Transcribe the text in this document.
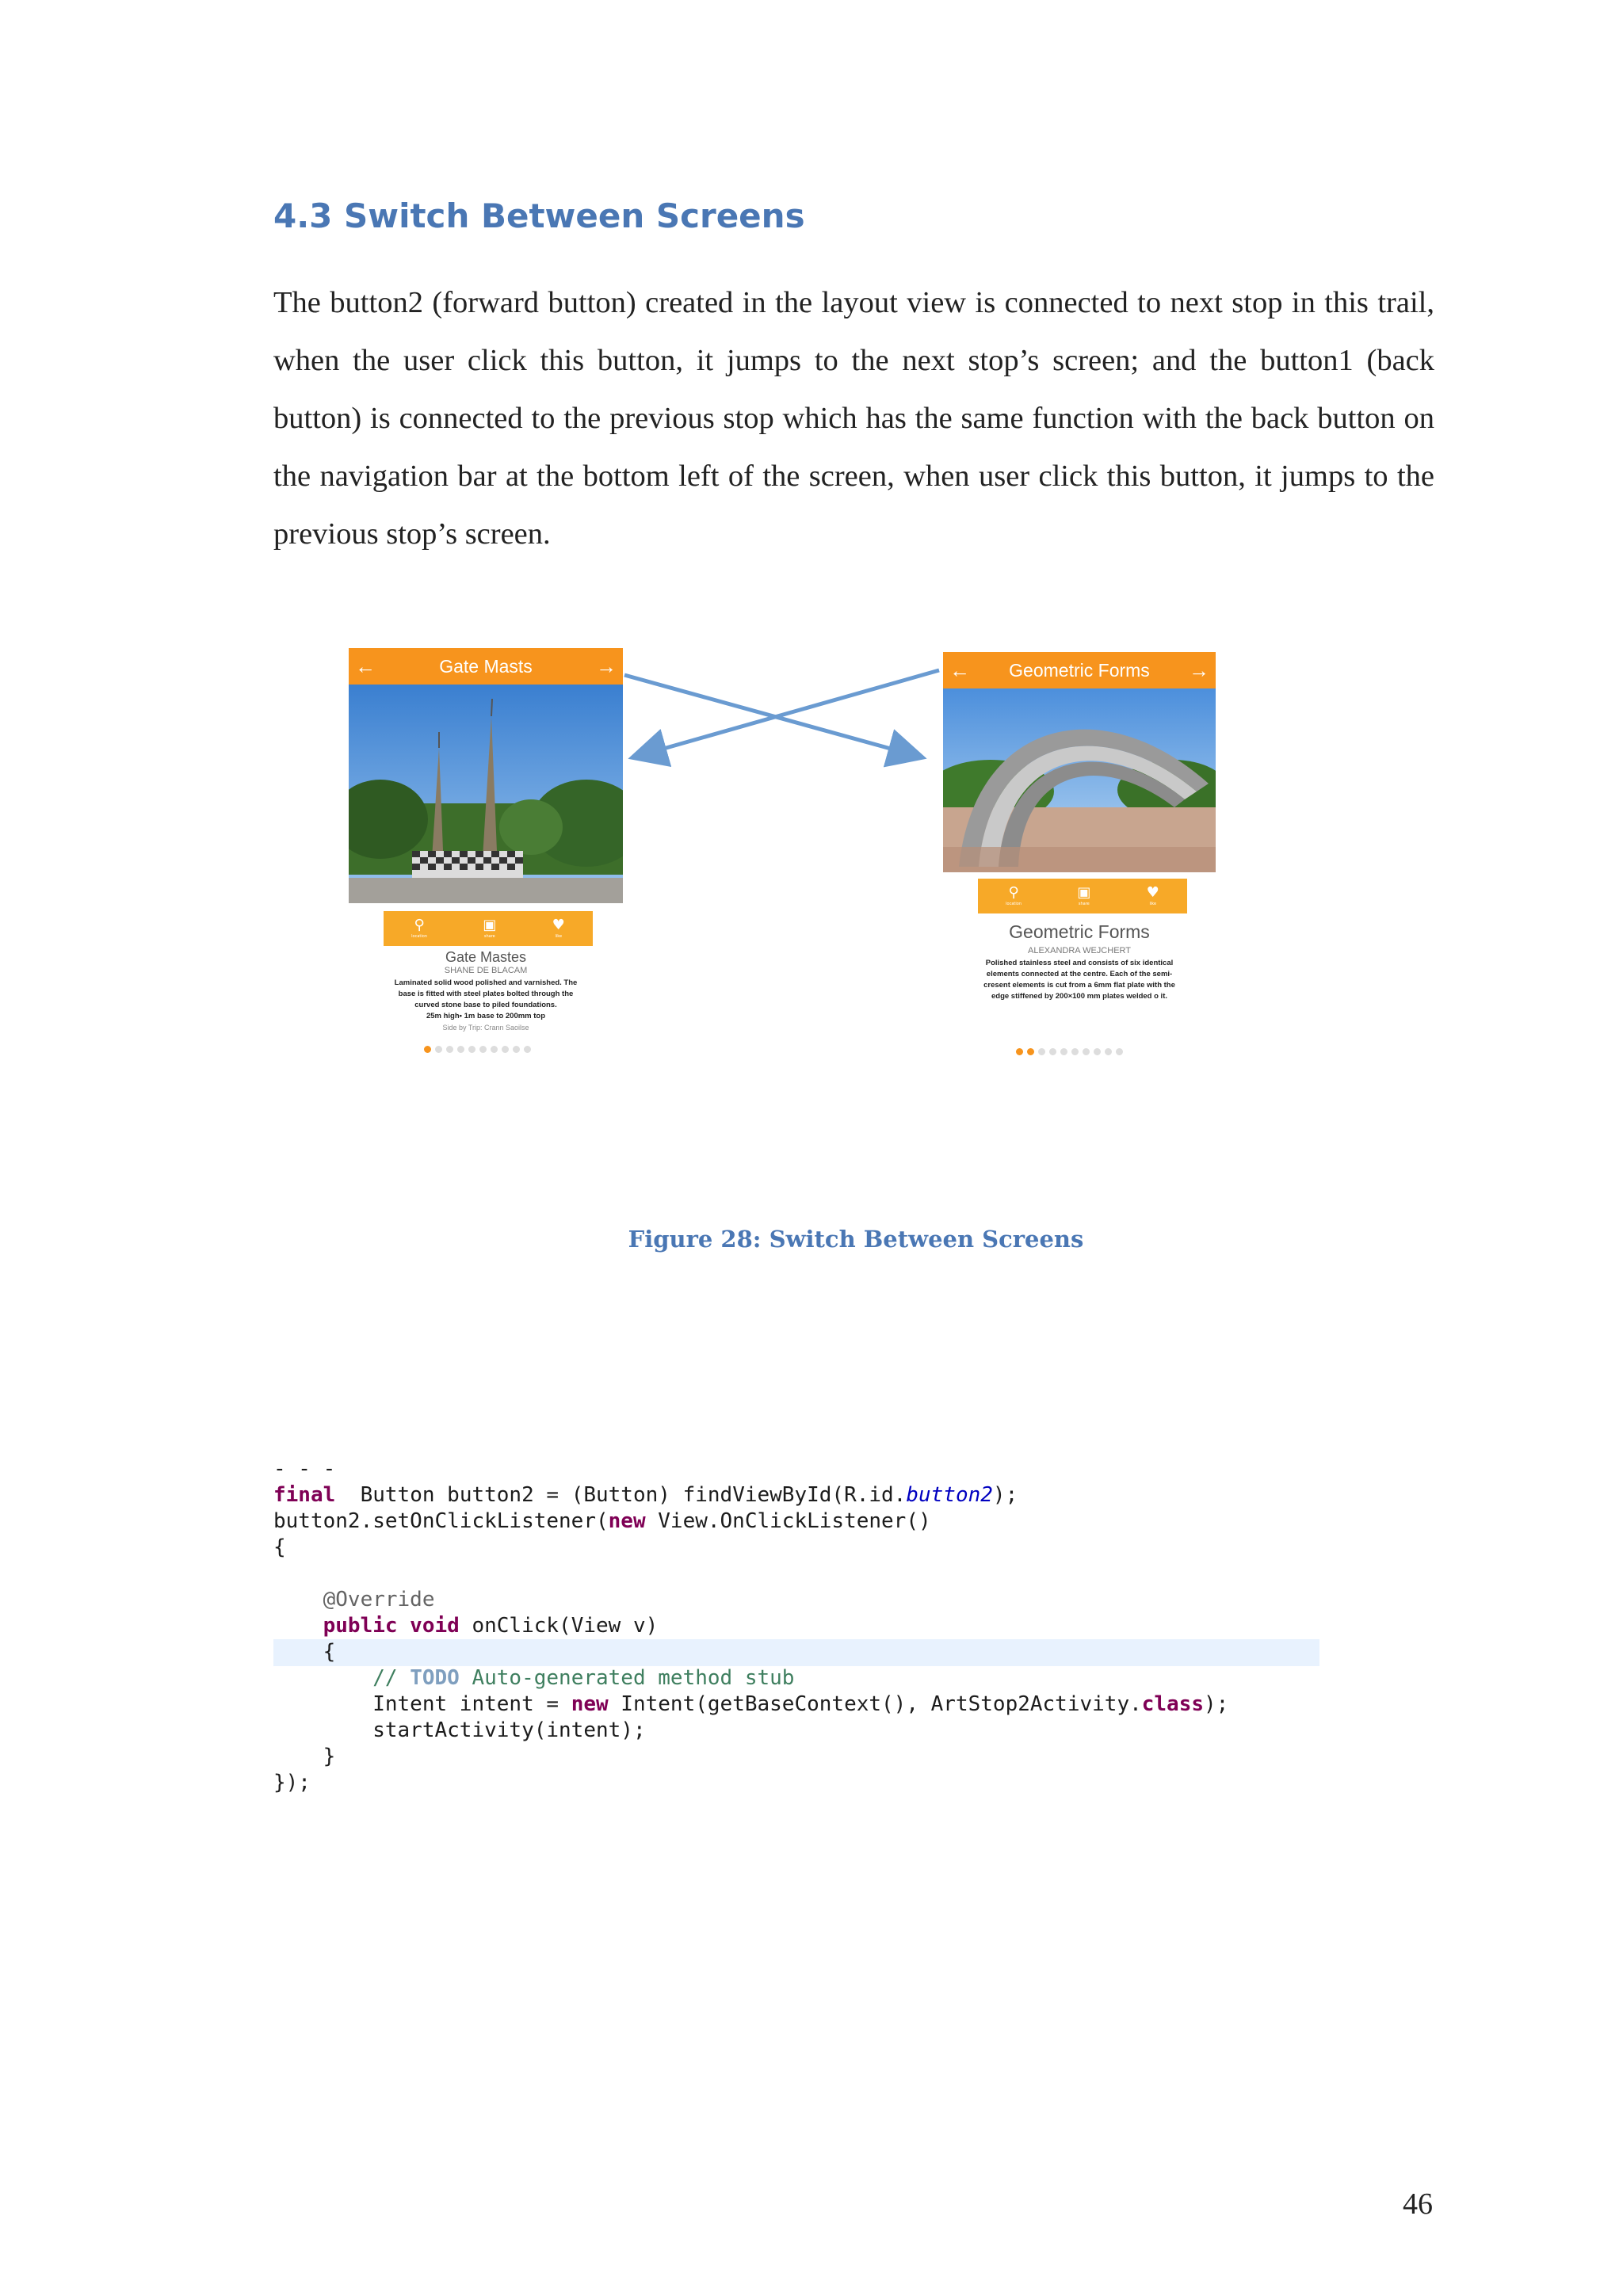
4.3 Switch Between Screens

The button2 (forward button) created in the layout view is connected to next stop in this trail, when the user click this button, it jumps to the next stop’s screen; and the button1 (back button) is connected to the previous stop which has the same function with the back button on the navigation bar at the bottom left of the screen, when user click this button, it jumps to the previous stop’s screen.

←	Gate Masts	→
⚲
location
▣
share
♥
like
Gate Mastes
SHANE DE BLACAM
Laminated solid wood polished and varnished. The
base is fitted with steel plates bolted through the
curved stone base to piled foundations.
25m high• 1m base to 200mm top
Side by Trip: Crann Saoilse
← Geometric Forms →
⚲
location
▣
share
♥
like
Geometric Forms
ALEXANDRA WEJCHERT
Polished stainless steel and consists of six identical
elements connected at the centre. Each of the semi-
cresent elements is cut from a 6mm flat plate with the
edge stiffened by 200×100 mm plates welded o it.

Figure 28: Switch Between Screens

- - -
final  Button button2 = (Button) findViewById(R.id.button2);
button2.setOnClickListener(new View.OnClickListener()
{
@Override
public void onClick(View v)
{
// TODO Auto-generated method stub
Intent intent = new Intent(getBaseContext(), ArtStop2Activity.class);
startActivity(intent);
}
});

46
